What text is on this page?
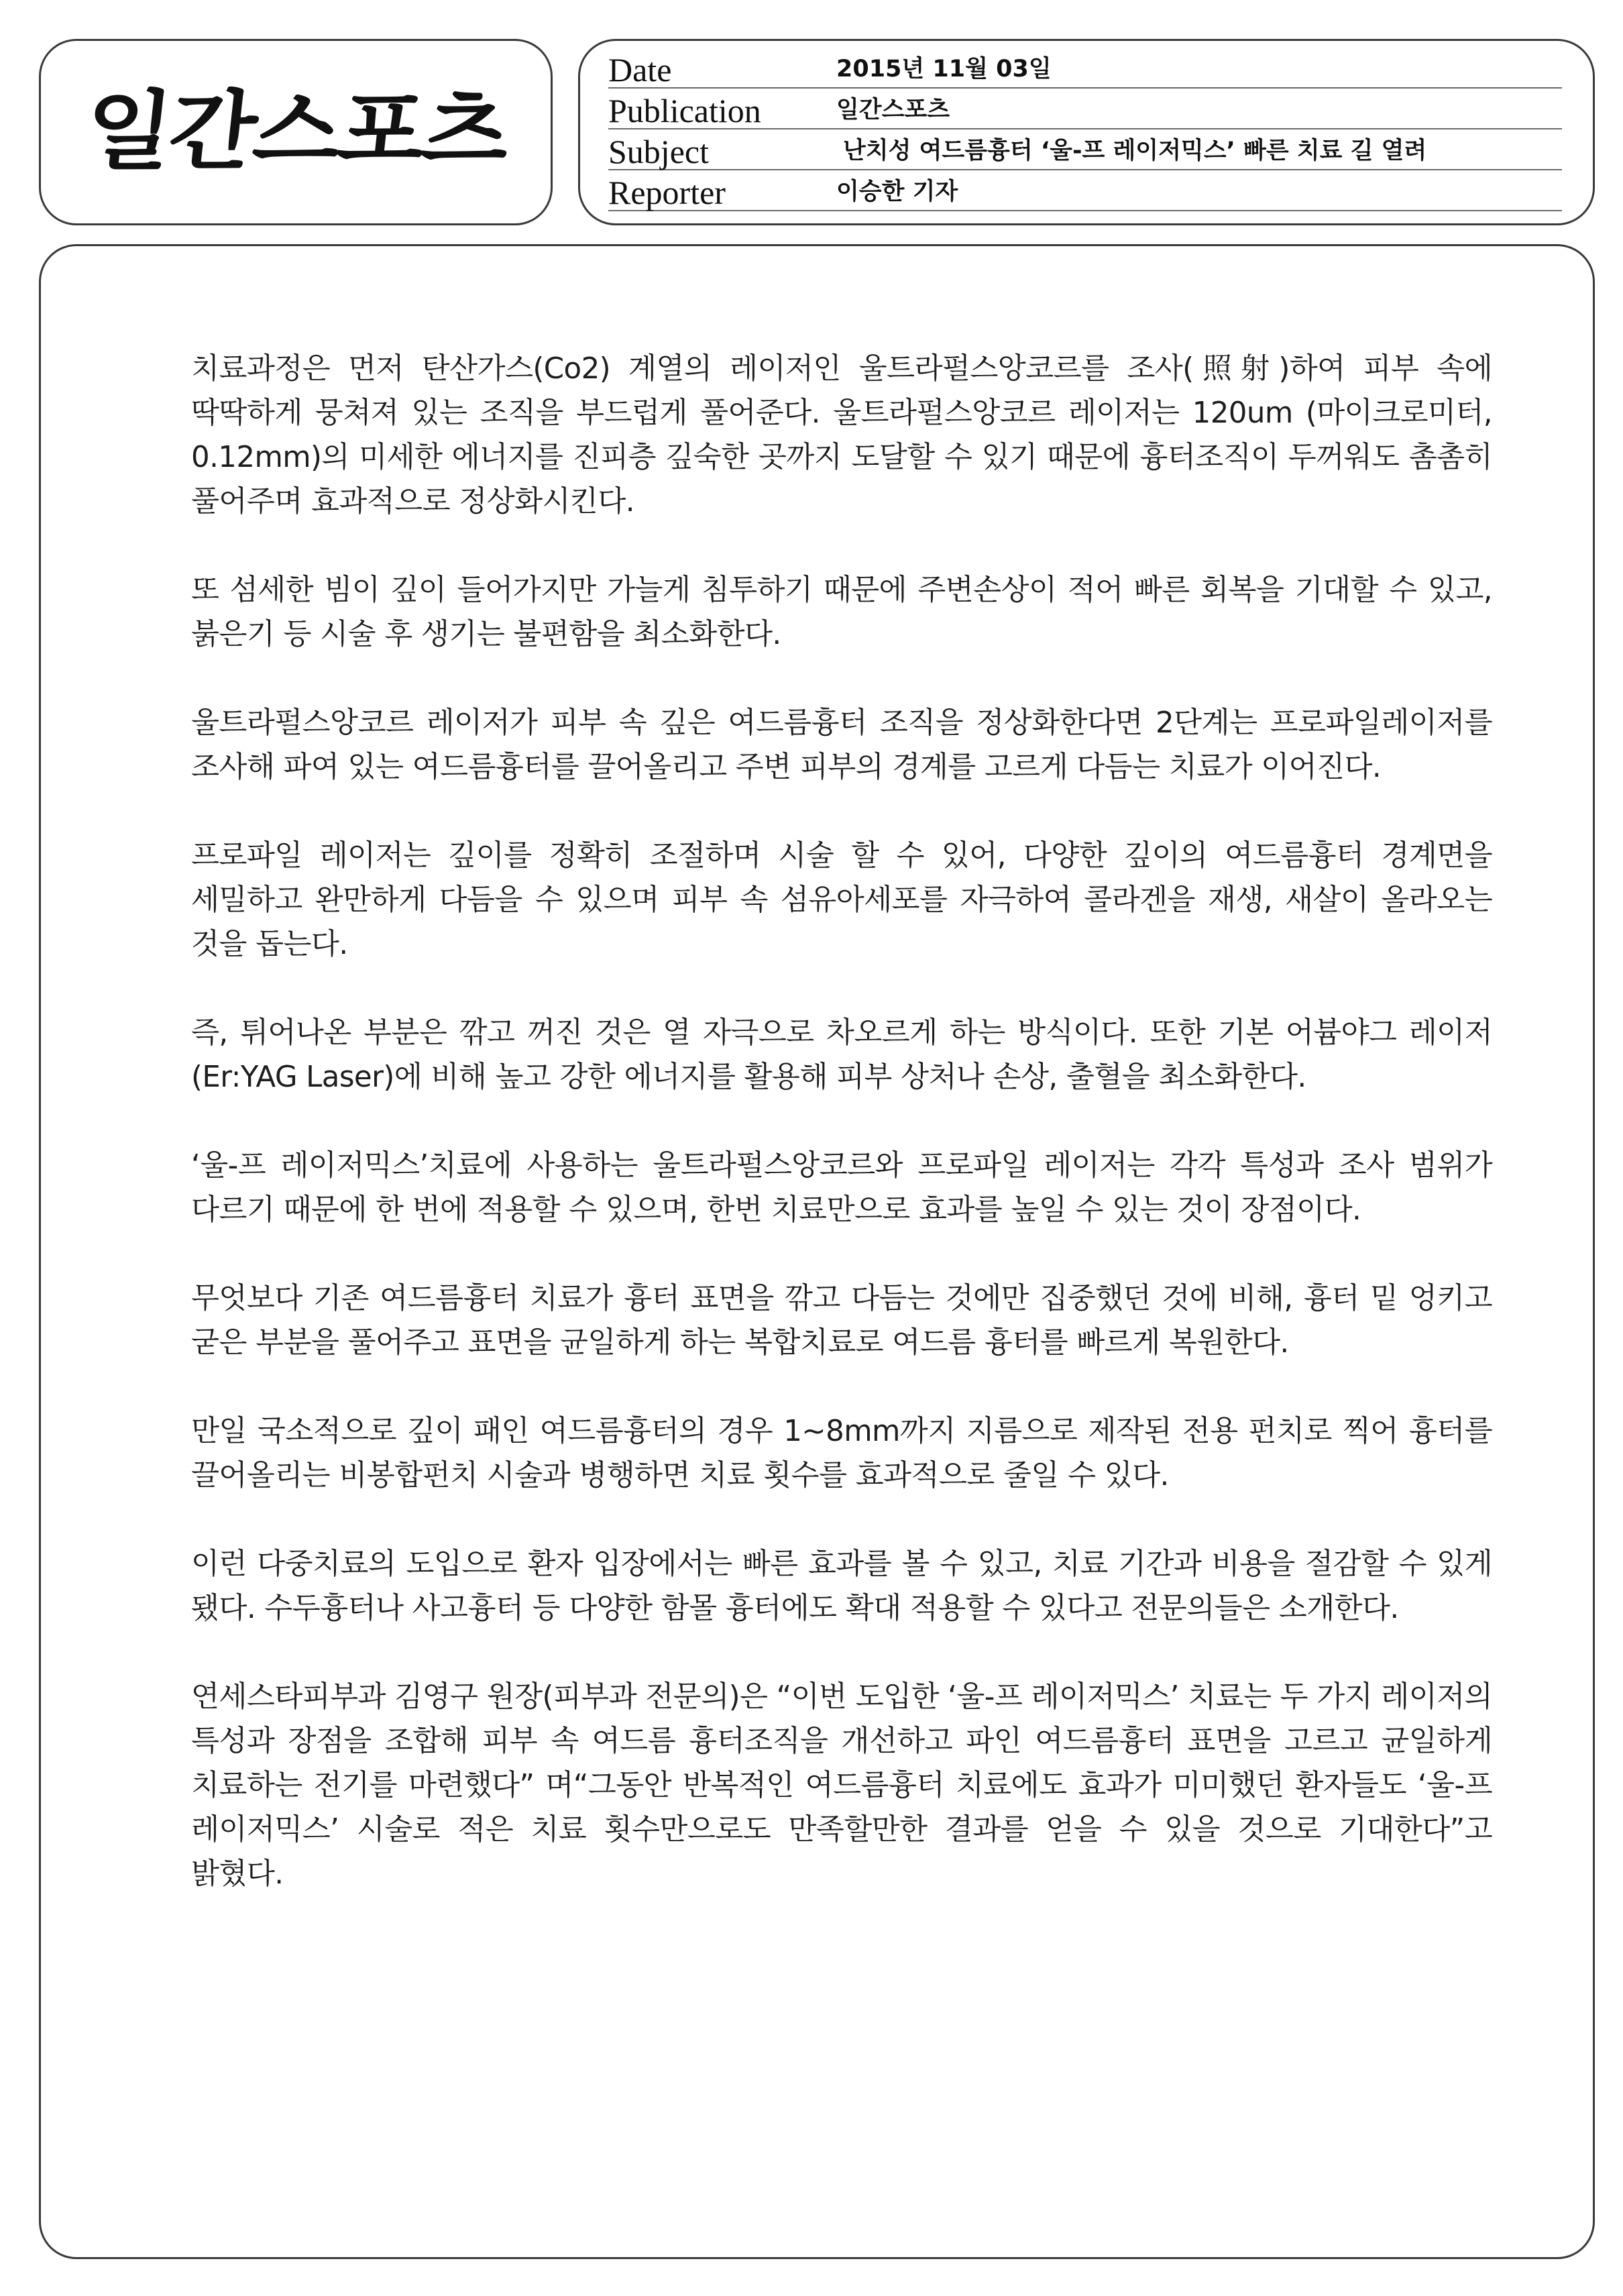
일간스포츠
Date	2015년 11월 03일
Publication	일간스포츠
Subject	난치성 여드름흉터 ‘울-프 레이저믹스’ 빠른 치료 길 열려
Reporter	이승한 기자

치료과정은 먼저 탄산가스(Co2) 계열의 레이저인 울트라펄스앙코르를 조사(照射)하여 피부 속에 딱딱하게 뭉쳐져 있는 조직을 부드럽게 풀어준다. 울트라펄스앙코르 레이저는 120um (마이크로미터, 0.12mm)의 미세한 에너지를 진피층 깊숙한 곳까지 도달할 수 있기 때문에 흉터조직이 두꺼워도 촘촘히 풀어주며 효과적으로 정상화시킨다.

또 섬세한 빔이 깊이 들어가지만 가늘게 침투하기 때문에 주변손상이 적어 빠른 회복을 기대할 수 있고, 붉은기 등 시술 후 생기는 불편함을 최소화한다.

울트라펄스앙코르 레이저가 피부 속 깊은 여드름흉터 조직을 정상화한다면 2단계는 프로파일레이저를 조사해 파여 있는 여드름흉터를 끌어올리고 주변 피부의 경계를 고르게 다듬는 치료가 이어진다.

프로파일 레이저는 깊이를 정확히 조절하며 시술 할 수 있어, 다양한 깊이의 여드름흉터 경계면을 세밀하고 완만하게 다듬을 수 있으며 피부 속 섬유아세포를 자극하여 콜라겐을 재생, 새살이 올라오는 것을 돕는다.

즉, 튀어나온 부분은 깎고 꺼진 것은 열 자극으로 차오르게 하는 방식이다. 또한 기본 어븀야그 레이저(Er:YAG Laser)에 비해 높고 강한 에너지를 활용해 피부 상처나 손상, 출혈을 최소화한다.

‘울-프 레이저믹스’치료에 사용하는 울트라펄스앙코르와 프로파일 레이저는 각각 특성과 조사 범위가 다르기 때문에 한 번에 적용할 수 있으며, 한번 치료만으로 효과를 높일 수 있는 것이 장점이다.

무엇보다 기존 여드름흉터 치료가 흉터 표면을 깎고 다듬는 것에만 집중했던 것에 비해, 흉터 밑 엉키고 굳은 부분을 풀어주고 표면을 균일하게 하는 복합치료로 여드름 흉터를 빠르게 복원한다.

만일 국소적으로 깊이 패인 여드름흉터의 경우 1~8mm까지 지름으로 제작된 전용 펀치로 찍어 흉터를 끌어올리는 비봉합펀치 시술과 병행하면 치료 횟수를 효과적으로 줄일 수 있다.

이런 다중치료의 도입으로 환자 입장에서는 빠른 효과를 볼 수 있고, 치료 기간과 비용을 절감할 수 있게 됐다. 수두흉터나 사고흉터 등 다양한 함몰 흉터에도 확대 적용할 수 있다고 전문의들은 소개한다.

연세스타피부과 김영구 원장(피부과 전문의)은 “이번 도입한 ‘울-프 레이저믹스’ 치료는 두 가지 레이저의 특성과 장점을 조합해 피부 속 여드름 흉터조직을 개선하고 파인 여드름흉터 표면을 고르고 균일하게 치료하는 전기를 마련했다” 며“그동안 반복적인 여드름흉터 치료에도 효과가 미미했던 환자들도 ‘울-프 레이저믹스’ 시술로 적은 치료 횟수만으로도 만족할만한 결과를 얻을 수 있을 것으로 기대한다”고 밝혔다.
